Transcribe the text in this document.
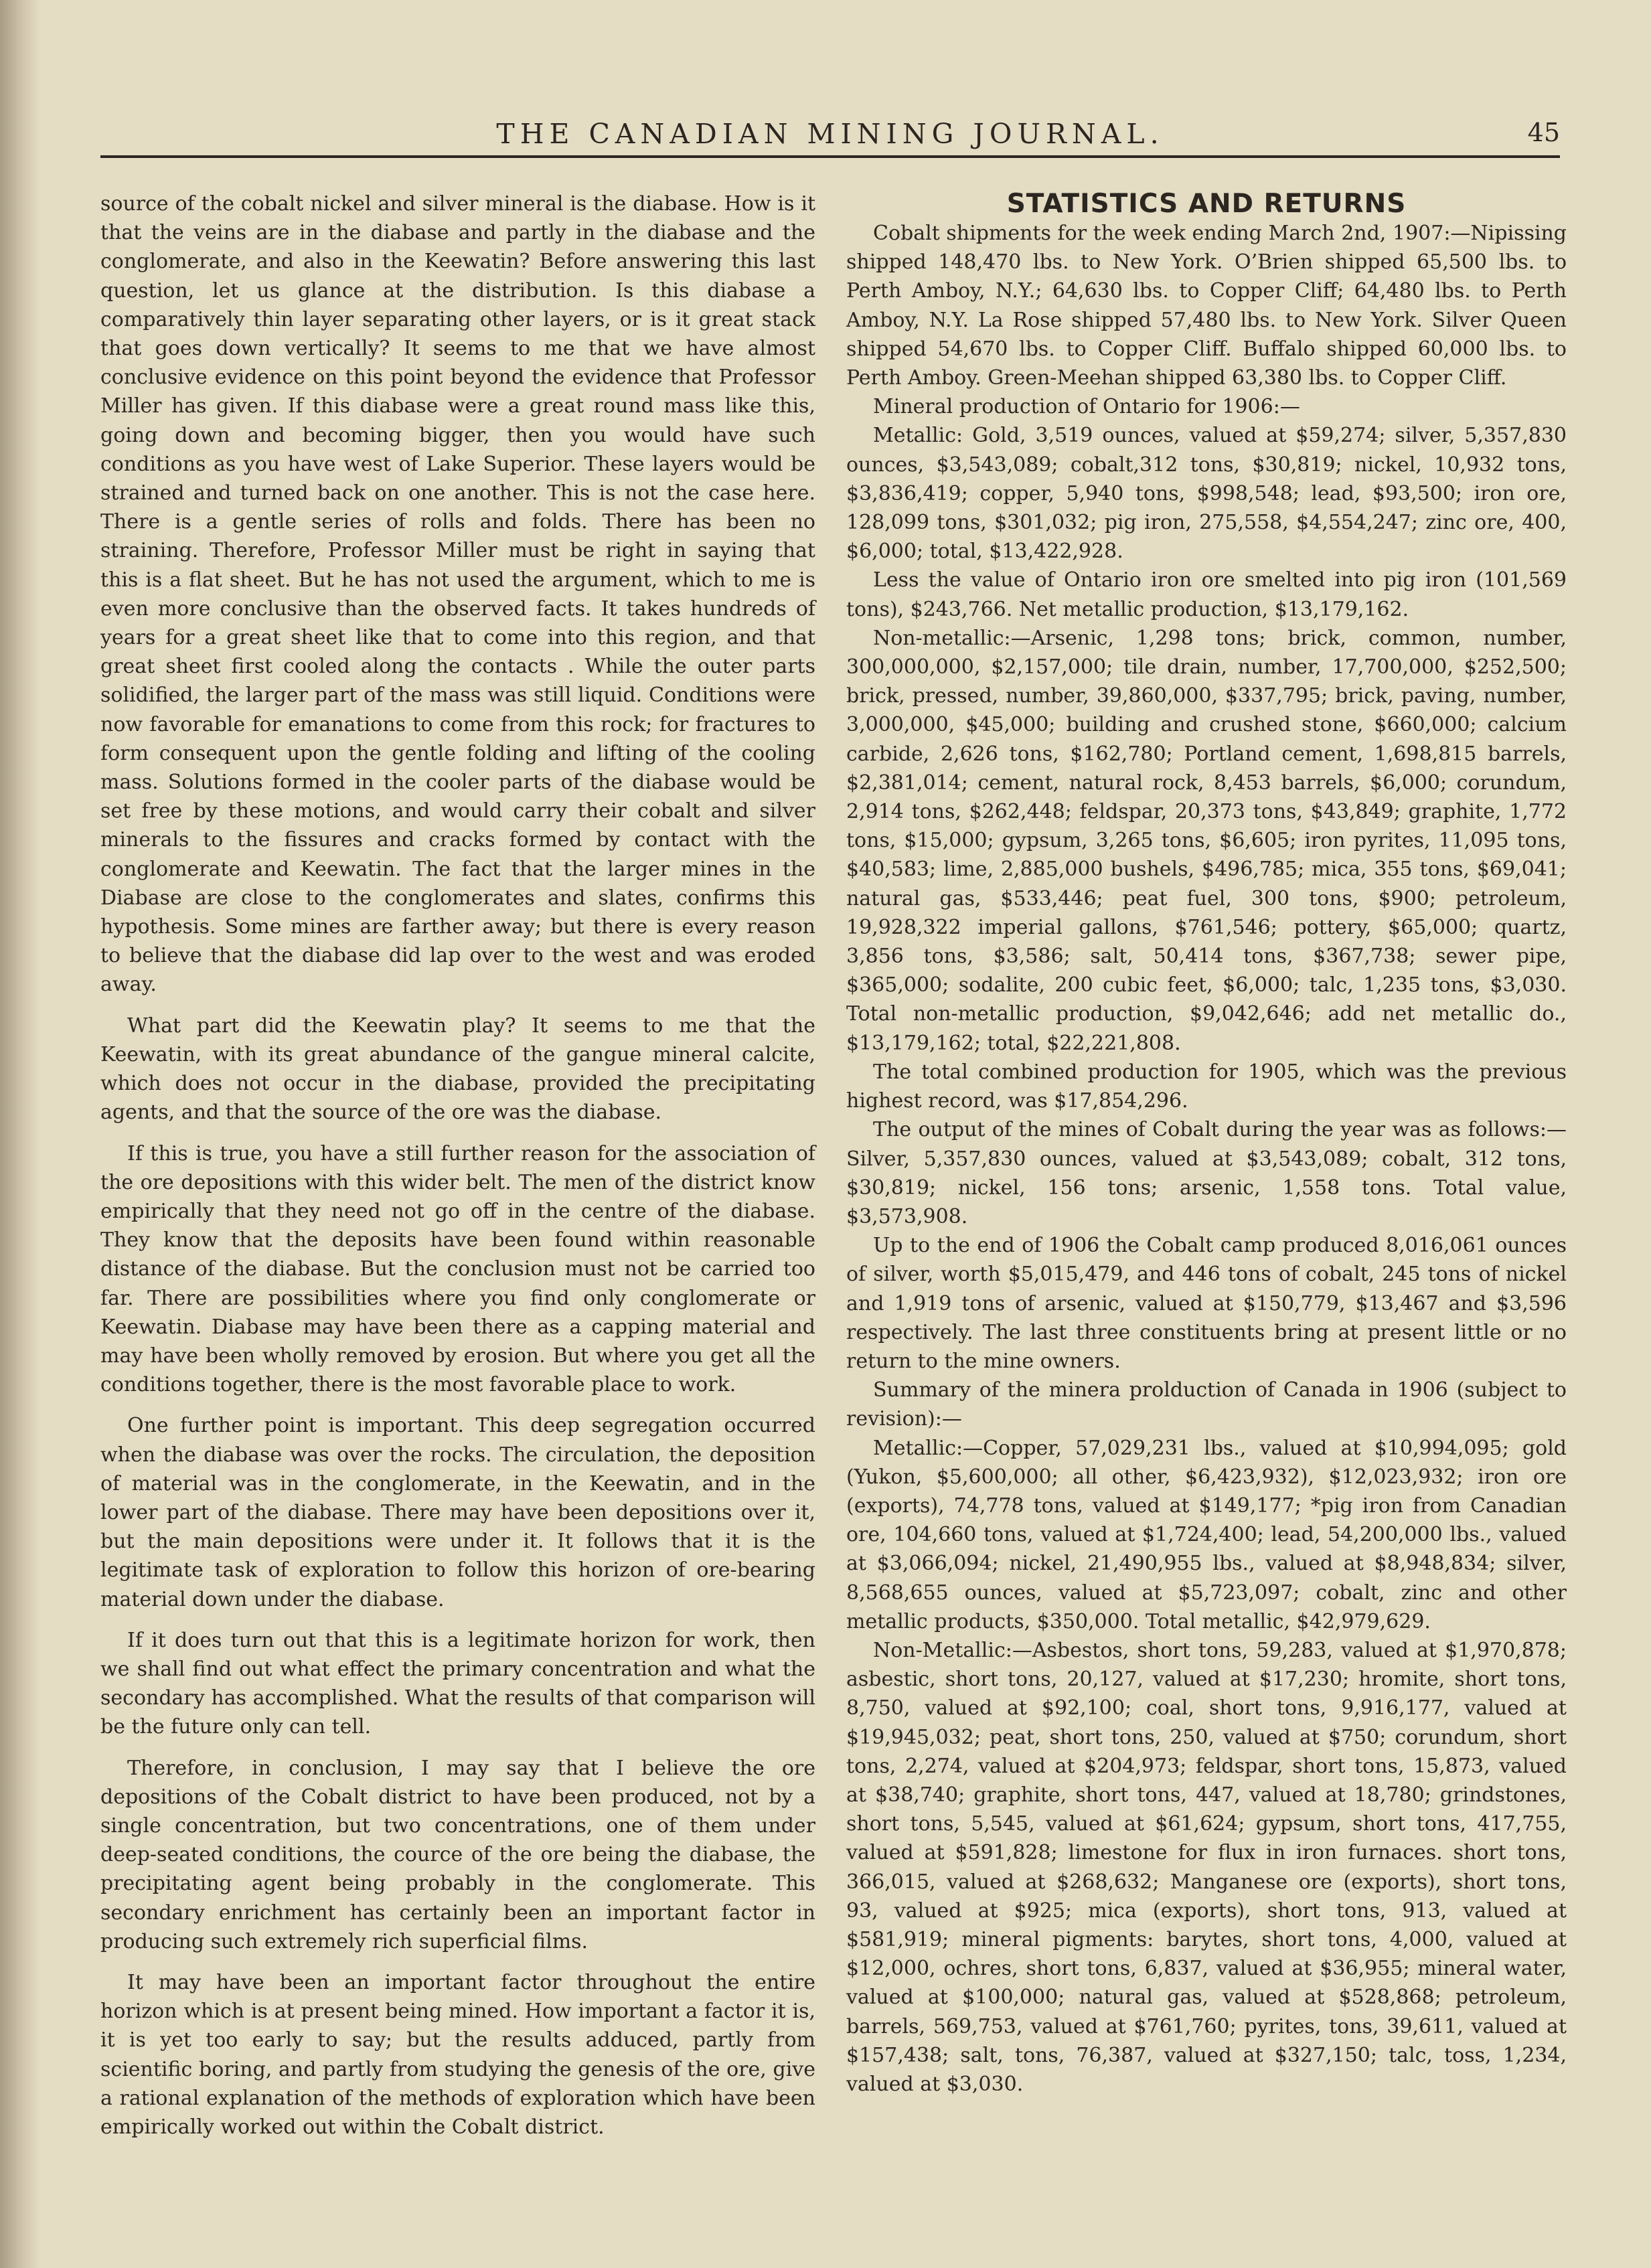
THE CANADIAN MINING JOURNAL.	45

source of the cobalt nickel and silver mineral is the diabase. How is it that the veins are in the diabase and partly in the diabase and the conglomerate, and also in the Keewatin? Before answering this last question, let us glance at the distribution. Is this diabase a comparatively thin layer separating other layers, or is it great stack that goes down vertically? It seems to me that we have almost conclusive evidence on this point beyond the evidence that Professor Miller has given. If this diabase were a great round mass like this, going down and becoming bigger, then you would have such conditions as you have west of Lake Superior. These layers would be strained and turned back on one another. This is not the case here. There is a gentle series of rolls and folds. There has been no straining. Therefore, Professor Miller must be right in saying that this is a flat sheet. But he has not used the argument, which to me is even more conclusive than the observed facts. It takes hundreds of years for a great sheet like that to come into this region, and that great sheet first cooled along the contacts . While the outer parts solidified, the larger part of the mass was still liquid. Conditions were now favorable for emanations to come from this rock; for fractures to form consequent upon the gentle folding and lifting of the cooling mass. Solutions formed in the cooler parts of the diabase would be set free by these motions, and would carry their cobalt and silver minerals to the fissures and cracks formed by contact with the conglomerate and Keewatin. The fact that the larger mines in the Diabase are close to the conglomerates and slates, confirms this hypothesis. Some mines are farther away; but there is every reason to believe that the diabase did lap over to the west and was eroded away.

What part did the Keewatin play? It seems to me that the Keewatin, with its great abundance of the gangue mineral calcite, which does not occur in the diabase, provided the precipitating agents, and that the source of the ore was the diabase.

If this is true, you have a still further reason for the association of the ore depositions with this wider belt. The men of the district know empirically that they need not go off in the centre of the diabase. They know that the deposits have been found within reasonable distance of the diabase. But the conclusion must not be carried too far. There are possibilities where you find only conglomerate or Keewatin. Diabase may have been there as a capping material and may have been wholly removed by erosion. But where you get all the conditions together, there is the most favorable place to work.

One further point is important. This deep segregation occurred when the diabase was over the rocks. The circulation, the deposition of material was in the conglomerate, in the Keewatin, and in the lower part of the diabase. There may have been depositions over it, but the main depositions were under it. It follows that it is the legitimate task of exploration to follow this horizon of ore-bearing material down under the diabase.

If it does turn out that this is a legitimate horizon for work, then we shall find out what effect the primary concentration and what the secondary has accomplished. What the results of that comparison will be the future only can tell.

Therefore, in conclusion, I may say that I believe the ore depositions of the Cobalt district to have been produced, not by a single concentration, but two concentrations, one of them under deep-seated conditions, the cource of the ore being the diabase, the precipitating agent being probably in the conglomerate. This secondary enrichment has certainly been an important factor in producing such extremely rich superficial films.

It may have been an important factor throughout the entire horizon which is at present being mined. How important a factor it is, it is yet too early to say; but the results adduced, partly from scientific boring, and partly from studying the genesis of the ore, give a rational explanation of the methods of exploration which have been empirically worked out within the Cobalt district.

STATISTICS AND RETURNS

Cobalt shipments for the week ending March 2nd, 1907:—Nipissing shipped 148,470 lbs. to New York. O’Brien shipped 65,500 lbs. to Perth Amboy, N.Y.; 64,630 lbs. to Copper Cliff; 64,480 lbs. to Perth Amboy, N.Y. La Rose shipped 57,480 lbs. to New York. Silver Queen shipped 54,670 lbs. to Copper Cliff. Buffalo shipped 60,000 lbs. to Perth Amboy. Green-Meehan shipped 63,380 lbs. to Copper Cliff.

Mineral production of Ontario for 1906:—

Metallic: Gold, 3,519 ounces, valued at $59,274; silver, 5,357,830 ounces, $3,543,089; cobalt,312 tons, $30,819; nickel, 10,932 tons, $3,836,419; copper, 5,940 tons, $998,548; lead, $93,500; iron ore, 128,099 tons, $301,032; pig iron, 275,558, $4,554,247; zinc ore, 400, $6,000; total, $13,422,928.

Less the value of Ontario iron ore smelted into pig iron (101,569 tons), $243,766. Net metallic production, $13,179,162.

Non-metallic:—Arsenic, 1,298 tons; brick, common, number, 300,000,000, $2,157,000; tile drain, number, 17,700,000, $252,500; brick, pressed, number, 39,860,000, $337,795; brick, paving, number, 3,000,000, $45,000; building and crushed stone, $660,000; calcium carbide, 2,626 tons, $162,780; Portland cement, 1,698,815 barrels, $2,381,014; cement, natural rock, 8,453 barrels, $6,000; corundum, 2,914 tons, $262,448; feldspar, 20,373 tons, $43,849; graphite, 1,772 tons, $15,000; gypsum, 3,265 tons, $6,605; iron pyrites, 11,095 tons, $40,583; lime, 2,885,000 bushels, $496,785; mica, 355 tons, $69,041; natural gas, $533,446; peat fuel, 300 tons, $900; petroleum, 19,928,322 imperial gallons, $761,546; pottery, $65,000; quartz, 3,856 tons, $3,586; salt, 50,414 tons, $367,738; sewer pipe, $365,000; sodalite, 200 cubic feet, $6,000; talc, 1,235 tons, $3,030. Total non-metallic production, $9,042,646; add net metallic do., $13,179,162; total, $22,221,808.

The total combined production for 1905, which was the previous highest record, was $17,854,296.

The output of the mines of Cobalt during the year was as follows:—Silver, 5,357,830 ounces, valued at $3,543,089; cobalt, 312 tons, $30,819; nickel, 156 tons; arsenic, 1,558 tons. Total value, $3,573,908.

Up to the end of 1906 the Cobalt camp produced 8,016,061 ounces of silver, worth $5,015,479, and 446 tons of cobalt, 245 tons of nickel and 1,919 tons of arsenic, valued at $150,779, $13,467 and $3,596 respectively. The last three constituents bring at present little or no return to the mine owners.

Summary of the minera prolduction of Canada in 1906 (subject to revision):—

Metallic:—Copper, 57,029,231 lbs., valued at $10,994,095; gold (Yukon, $5,600,000; all other, $6,423,932), $12,023,932; iron ore (exports), 74,778 tons, valued at $149,177; *pig iron from Canadian ore, 104,660 tons, valued at $1,724,400; lead, 54,200,000 lbs., valued at $3,066,094; nickel, 21,490,955 lbs., valued at $8,948,834; silver, 8,568,655 ounces, valued at $5,723,097; cobalt, zinc and other metallic products, $350,000. Total metallic, $42,979,629.

Non-Metallic:—Asbestos, short tons, 59,283, valued at $1,970,878; asbestic, short tons, 20,127, valued at $17,230; hromite, short tons, 8,750, valued at $92,100; coal, short tons, 9,916,177, valued at $19,945,032; peat, short tons, 250, valued at $750; corundum, short tons, 2,274, valued at $204,973; feldspar, short tons, 15,873, valued at $38,740; graphite, short tons, 447, valued at 18,780; grindstones, short tons, 5,545, valued at $61,624; gypsum, short tons, 417,755, valued at $591,828; limestone for flux in iron furnaces. short tons, 366,015, valued at $268,632; Manganese ore (exports), short tons, 93, valued at $925; mica (exports), short tons, 913, valued at $581,919; mineral pigments: barytes, short tons, 4,000, valued at $12,000, ochres, short tons, 6,837, valued at $36,955; mineral water, valued at $100,000; natural gas, valued at $528,868; petroleum, barrels, 569,753, valued at $761,760; pyrites, tons, 39,611, valued at $157,438; salt, tons, 76,387, valued at $327,150; talc, toss, 1,234, valued at $3,030.
